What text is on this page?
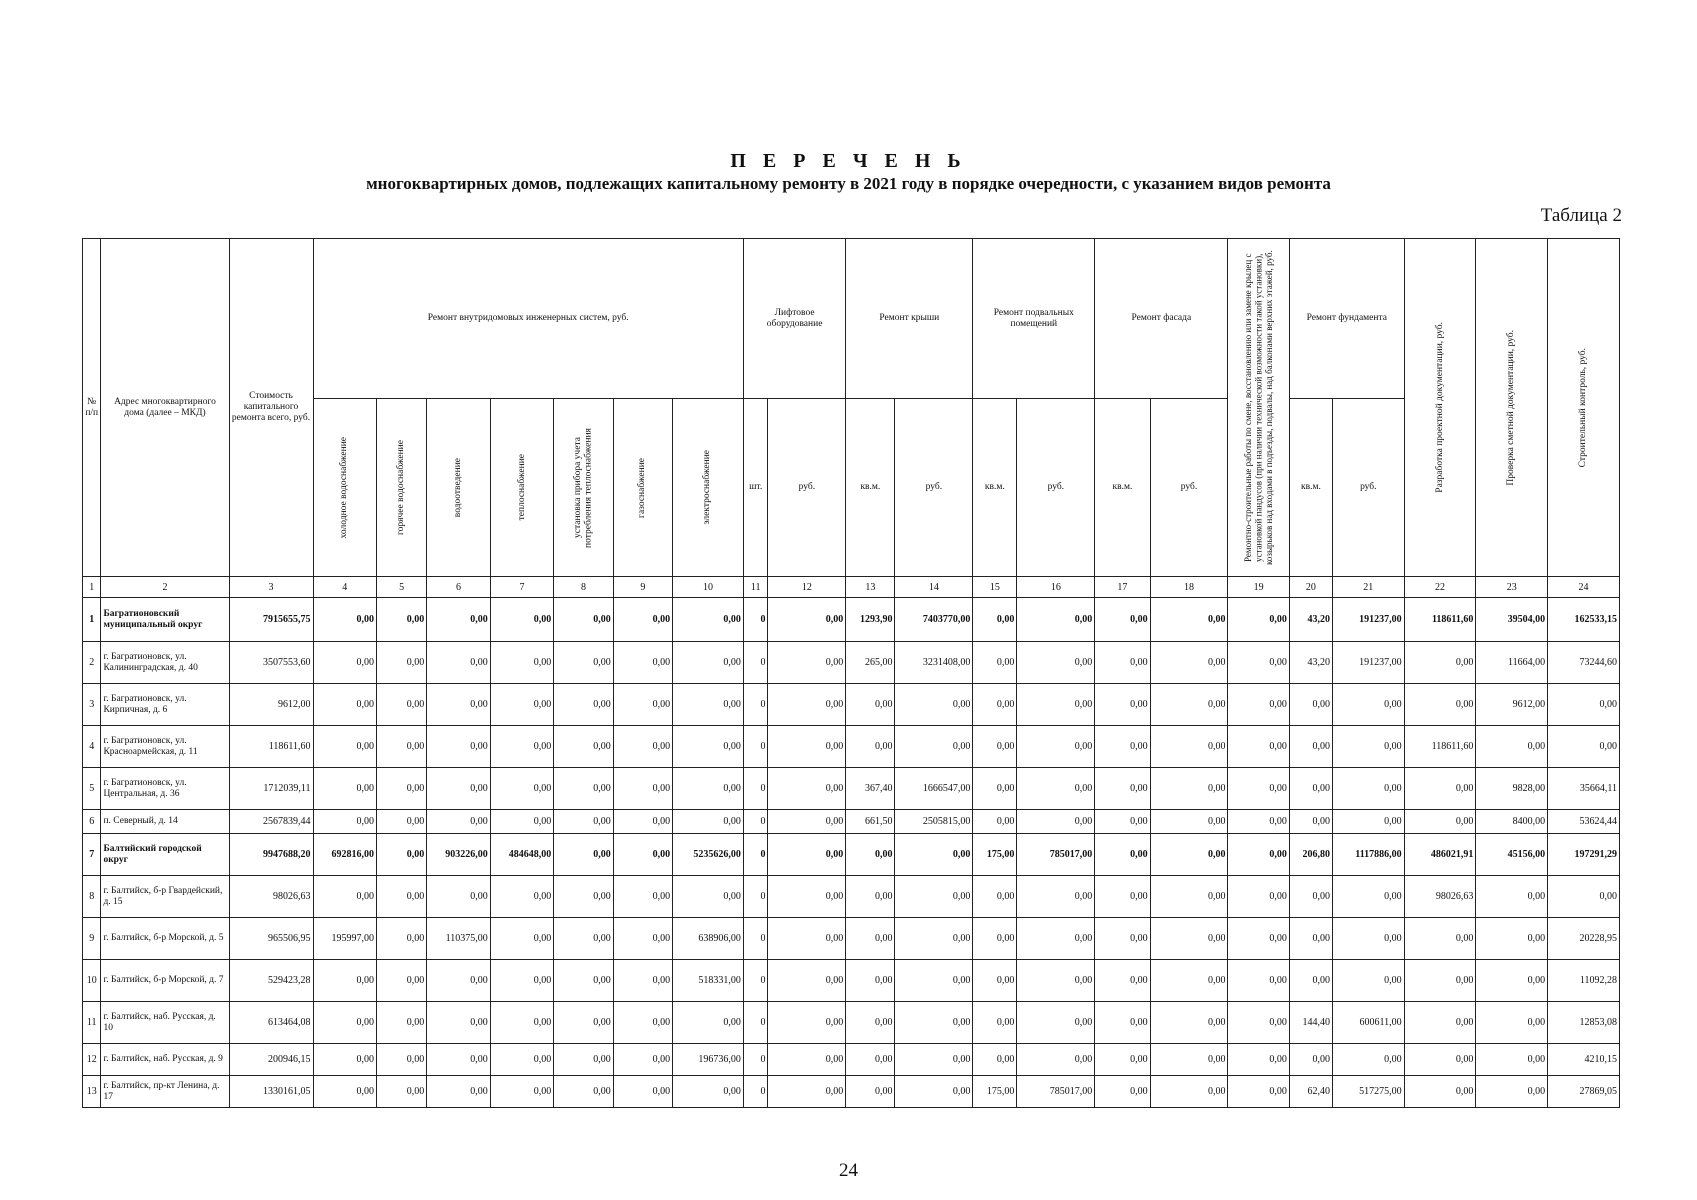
П Е Р Е Ч Е Н Ь
многоквартирных домов, подлежащих капитальному ремонту в 2021 году в порядке очередности, с указанием видов ремонта
Таблица 2
№ п/п	Адрес многоквартирного дома (далее – МКД)	Стоимость капитального ремонта всего, руб.	Ремонт внутридомовых инженерных систем, руб.							Лифтовое оборудование		Ремонт крыши		Ремонт подвальных помещений		Ремонт фасада		Ремонтно-строительные работы по смене, восстановлению или замене крылец с установкой пандусов (при наличии технической возможности такой установки), козырьков над входами в подъезды, подвалы, над балконами верхних этажей, руб.	Ремонт фундамента		Разработка проектной документации, руб.	Проверка сметной документации, руб.	Строительный контроль, руб.

			холодное водоснабжение	горячее водоснабжение	водоотведение	теплоснабжение	установка прибора учета потребления теплоснабжения	газоснабжение	электроснабжение	шт.	руб.	кв.м.	руб.	кв.м.	руб.	кв.м.	руб.		кв.м.	руб.			
1	2	3	4	5	6	7	8	9	10	11	12	13	14	15	16	17	18	19	20	21	22	23	24
1	Багратионовский муниципальный округ	7915655,75	0,00	0,00	0,00	0,00	0,00	0,00	0,00	0	0,00	1293,90	7403770,00	0,00	0,00	0,00	0,00	0,00	43,20	191237,00	118611,60	39504,00	162533,15
2	г. Багратионовск, ул. Калининградская, д. 40	3507553,60	0,00	0,00	0,00	0,00	0,00	0,00	0,00	0	0,00	265,00	3231408,00	0,00	0,00	0,00	0,00	0,00	43,20	191237,00	0,00	11664,00	73244,60
3	г. Багратионовск, ул. Кирпичная, д. 6	9612,00	0,00	0,00	0,00	0,00	0,00	0,00	0,00	0	0,00	0,00	0,00	0,00	0,00	0,00	0,00	0,00	0,00	0,00	0,00	9612,00	0,00
4	г. Багратионовск, ул. Красноармейская, д. 11	118611,60	0,00	0,00	0,00	0,00	0,00	0,00	0,00	0	0,00	0,00	0,00	0,00	0,00	0,00	0,00	0,00	0,00	0,00	118611,60	0,00	0,00
5	г. Багратионовск, ул. Центральная, д. 36	1712039,11	0,00	0,00	0,00	0,00	0,00	0,00	0,00	0	0,00	367,40	1666547,00	0,00	0,00	0,00	0,00	0,00	0,00	0,00	0,00	9828,00	35664,11
6	п. Северный, д. 14	2567839,44	0,00	0,00	0,00	0,00	0,00	0,00	0,00	0	0,00	661,50	2505815,00	0,00	0,00	0,00	0,00	0,00	0,00	0,00	0,00	8400,00	53624,44
7	Балтийский городской округ	9947688,20	692816,00	0,00	903226,00	484648,00	0,00	0,00	5235626,00	0	0,00	0,00	0,00	175,00	785017,00	0,00	0,00	0,00	206,80	1117886,00	486021,91	45156,00	197291,29
8	г. Балтийск, б-р Гвардейский, д. 15	98026,63	0,00	0,00	0,00	0,00	0,00	0,00	0,00	0	0,00	0,00	0,00	0,00	0,00	0,00	0,00	0,00	0,00	0,00	98026,63	0,00	0,00
9	г. Балтийск, б-р Морской, д. 5	965506,95	195997,00	0,00	110375,00	0,00	0,00	0,00	638906,00	0	0,00	0,00	0,00	0,00	0,00	0,00	0,00	0,00	0,00	0,00	0,00	0,00	20228,95
10	г. Балтийск, б-р Морской, д. 7	529423,28	0,00	0,00	0,00	0,00	0,00	0,00	518331,00	0	0,00	0,00	0,00	0,00	0,00	0,00	0,00	0,00	0,00	0,00	0,00	0,00	11092,28
11	г. Балтийск, наб. Русская, д. 10	613464,08	0,00	0,00	0,00	0,00	0,00	0,00	0,00	0	0,00	0,00	0,00	0,00	0,00	0,00	0,00	0,00	144,40	600611,00	0,00	0,00	12853,08
12	г. Балтийск, наб. Русская, д. 9	200946,15	0,00	0,00	0,00	0,00	0,00	0,00	196736,00	0	0,00	0,00	0,00	0,00	0,00	0,00	0,00	0,00	0,00	0,00	0,00	0,00	4210,15
13	г. Балтийск, пр-кт Ленина, д. 17	1330161,05	0,00	0,00	0,00	0,00	0,00	0,00	0,00	0	0,00	0,00	0,00	175,00	785017,00	0,00	0,00	0,00	62,40	517275,00	0,00	0,00	27869,05
24
